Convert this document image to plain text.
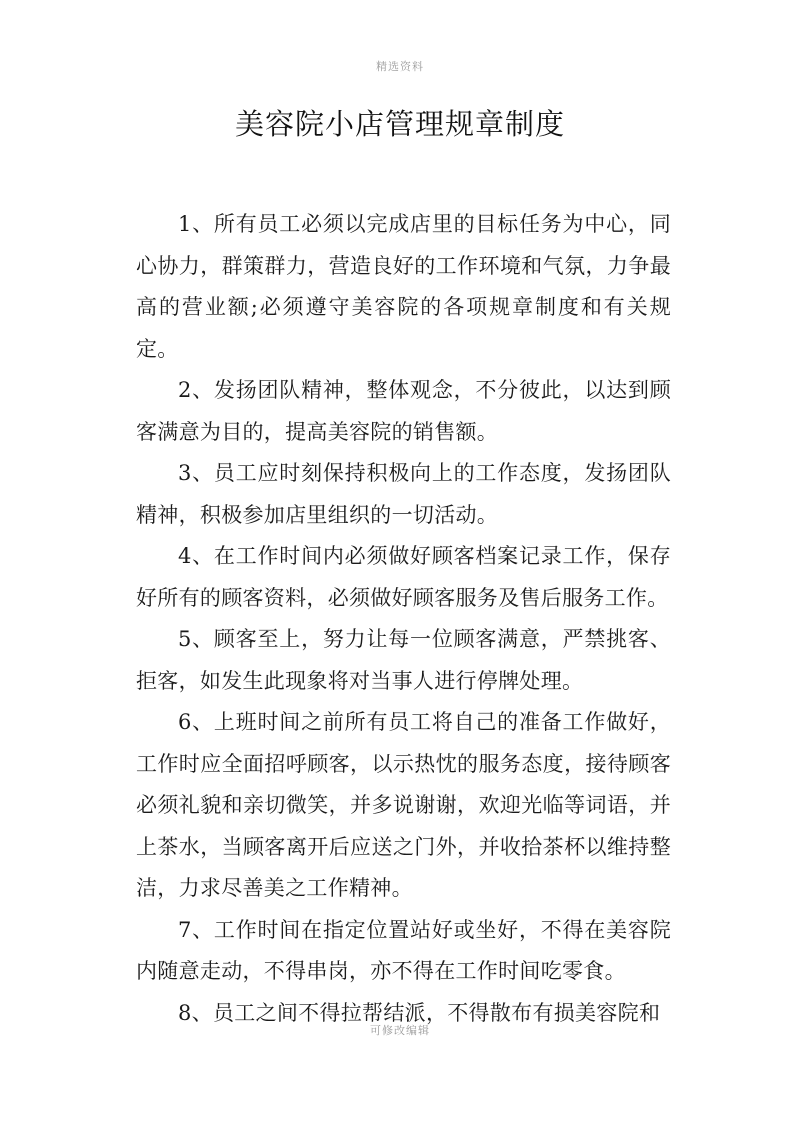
精选资料
美容院小店管理规章制度

1、所有员工必须以完成店里的目标任务为中心，同心协力，群策群力，营造良好的工作环境和气氛，力争最高的营业额;必须遵守美容院的各项规章制度和有关规定。

2、发扬团队精神，整体观念，不分彼此，以达到顾客满意为目的，提高美容院的销售额。

3、员工应时刻保持积极向上的工作态度，发扬团队精神，积极参加店里组织的一切活动。

4、在工作时间内必须做好顾客档案记录工作，保存好所有的顾客资料，必须做好顾客服务及售后服务工作。

5、顾客至上，努力让每一位顾客满意，严禁挑客、拒客，如发生此现象将对当事人进行停牌处理。

6、上班时间之前所有员工将自己的准备工作做好，工作时应全面招呼顾客，以示热忱的服务态度，接待顾客必须礼貌和亲切微笑，并多说谢谢，欢迎光临等词语，并上茶水，当顾客离开后应送之门外，并收拾茶杯以维持整洁，力求尽善美之工作精神。

7、工作时间在指定位置站好或坐好，不得在美容院内随意走动，不得串岗，亦不得在工作时间吃零食。

8、员工之间不得拉帮结派，不得散布有损美容院和

可修改编辑
